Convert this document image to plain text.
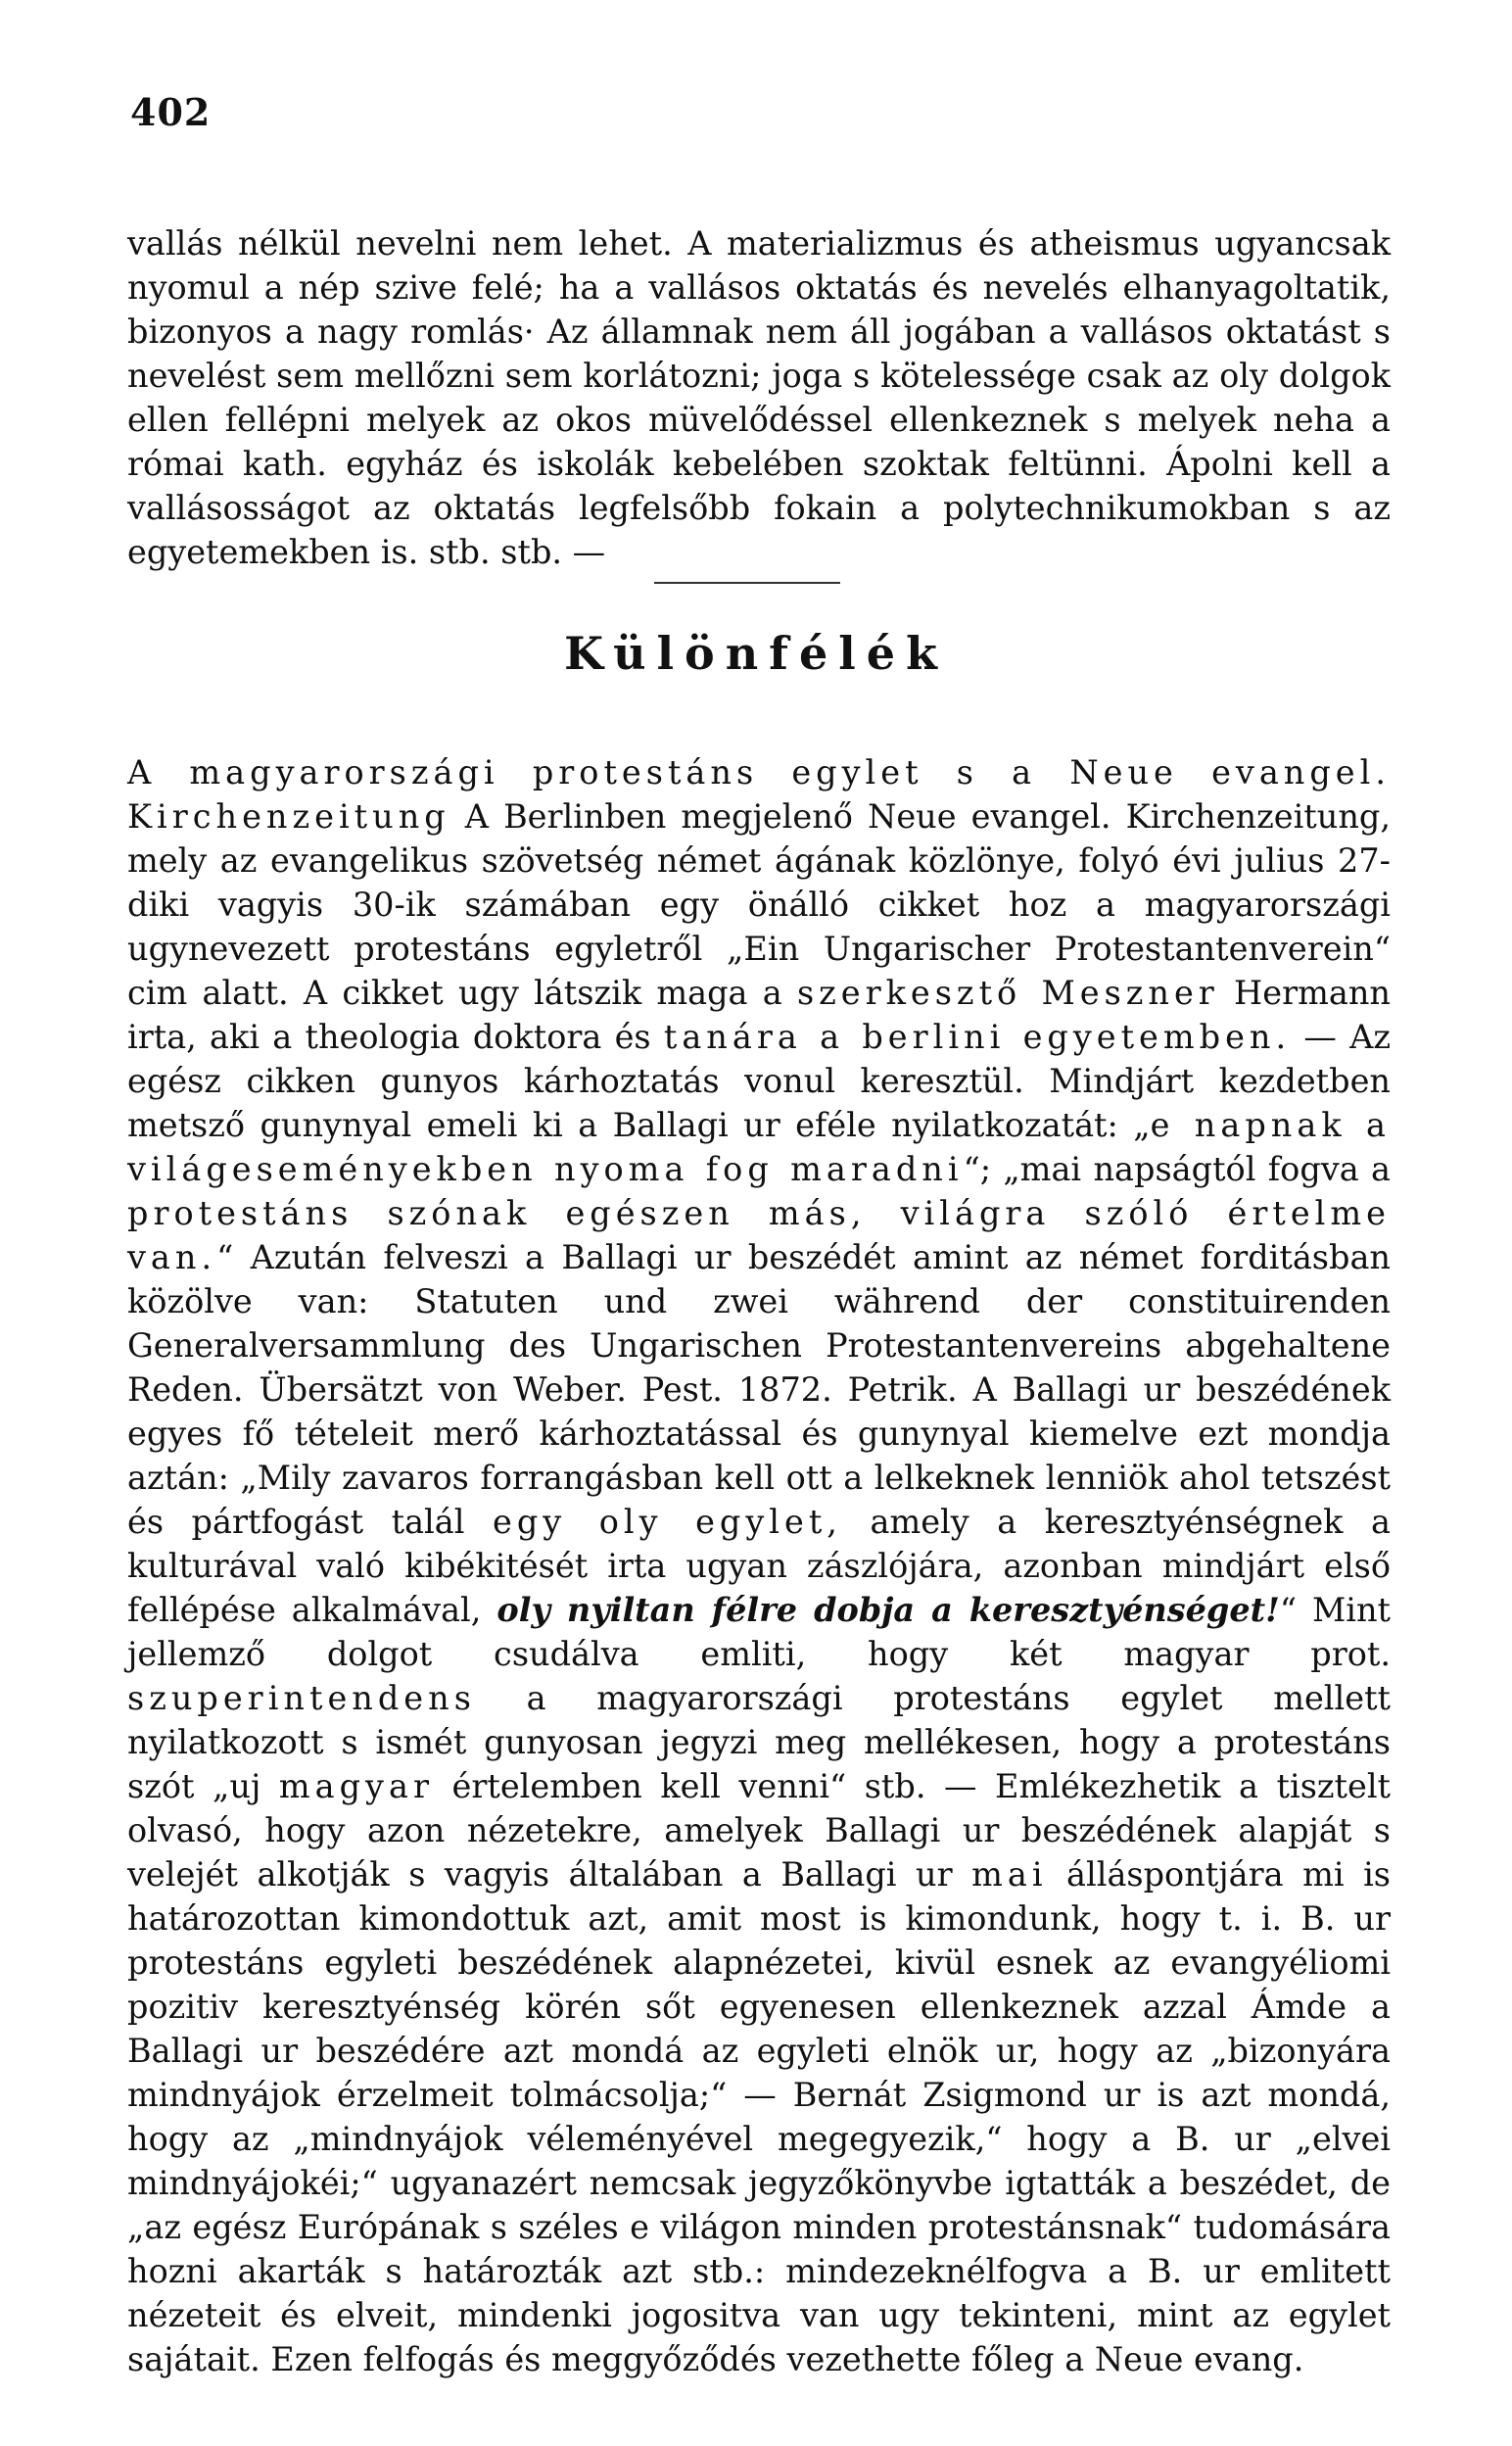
402

vallás nélkül nevelni nem lehet. A materializmus és atheismus ugyancsak nyomul a nép szive felé; ha a vallásos oktatás és nevelés elhanyagoltatik, bizonyos a nagy romlás· Az államnak nem áll jogában a vallásos oktatást s nevelést sem mellőzni sem korlátozni; joga s kötelessége csak az oly dolgok ellen fellépni melyek az okos müvelődéssel ellenkeznek s melyek neha a római kath. egyház és iskolák kebelében szoktak feltünni. Ápolni kell a vallásosságot az oktatás legfelsőbb fokain a polytechnikumokban s az egyetemekben is. stb. stb. —

Különfélék

A magyarországi protestáns egylet s a Neue evangel. Kirchenzeitung A Berlinben megjelenő Neue evangel. Kirchenzeitung, mely az evangelikus szövetség német ágának közlönye, folyó évi julius 27-diki vagyis 30-ik számában egy önálló cikket hoz a magyarországi ugynevezett protestáns egyletről „Ein Ungarischer Protestantenverein“ cim alatt. A cikket ugy látszik maga a szerkesztő Meszner Hermann irta, aki a theologia doktora és tanára a berlini egyetemben. — Az egész cikken gunyos kárhoztatás vonul keresztül. Mindjárt kezdetben metsző gunynyal emeli ki a Ballagi ur eféle nyilatkozatát: „e napnak a világeseményekben nyoma fog maradni“; „mai napságtól fogva a protestáns szónak egészen más, világra szóló értelme van.“ Azután felveszi a Ballagi ur beszédét amint az német forditásban közölve van: Statuten und zwei während der constituirenden Generalversammlung des Ungarischen Protestantenvereins abgehaltene Reden. Übersätzt von Weber. Pest. 1872. Petrik. A Ballagi ur beszédének egyes fő tételeit merő kárhoztatással és gunynyal kiemelve ezt mondja aztán: „Mily zavaros forrangásban kell ott a lelkeknek lenniök ahol tetszést és pártfogást talál egy oly egylet, amely a keresztyénségnek a kulturával való kibékitését irta ugyan zászlójára, azonban mindjárt első fellépése alkalmával, oly nyiltan félre dobja a keresztyénséget!“ Mint jellemző dolgot csudálva emliti, hogy két magyar prot. szuperintendens a magyarországi protestáns egylet mellett nyilatkozott s ismét gunyosan jegyzi meg mellékesen, hogy a protestáns szót „uj magyar értelemben kell venni“ stb. — Emlékezhetik a tisztelt olvasó, hogy azon nézetekre, amelyek Ballagi ur beszédének alapját s velejét alkotják s vagyis általában a Ballagi ur mai álláspontjára mi is határozottan kimondottuk azt, amit most is kimondunk, hogy t. i. B. ur protestáns egyleti beszédének alapnézetei, kivül esnek az evangyéliomi pozitiv keresztyénség körén sőt egyenesen ellenkeznek azzal Ámde a Ballagi ur beszédére azt mondá az egyleti elnök ur, hogy az „bizonyára mindnyájok érzelmeit tolmácsolja;“ — Bernát Zsigmond ur is azt mondá, hogy az „mindnyájok véleményével megegyezik,“ hogy a B. ur „elvei mindnyájokéi;“ ugyanazért nemcsak jegyzőkönyvbe igtatták a beszédet, de „az egész Európának s széles e világon minden protestánsnak“ tudomására hozni akarták s határozták azt stb.: mindezeknélfogva a B. ur emlitett nézeteit és elveit, mindenki jogositva van ugy tekinteni, mint az egylet sajátait. Ezen felfogás és meggyőződés vezethette főleg a Neue evang.
